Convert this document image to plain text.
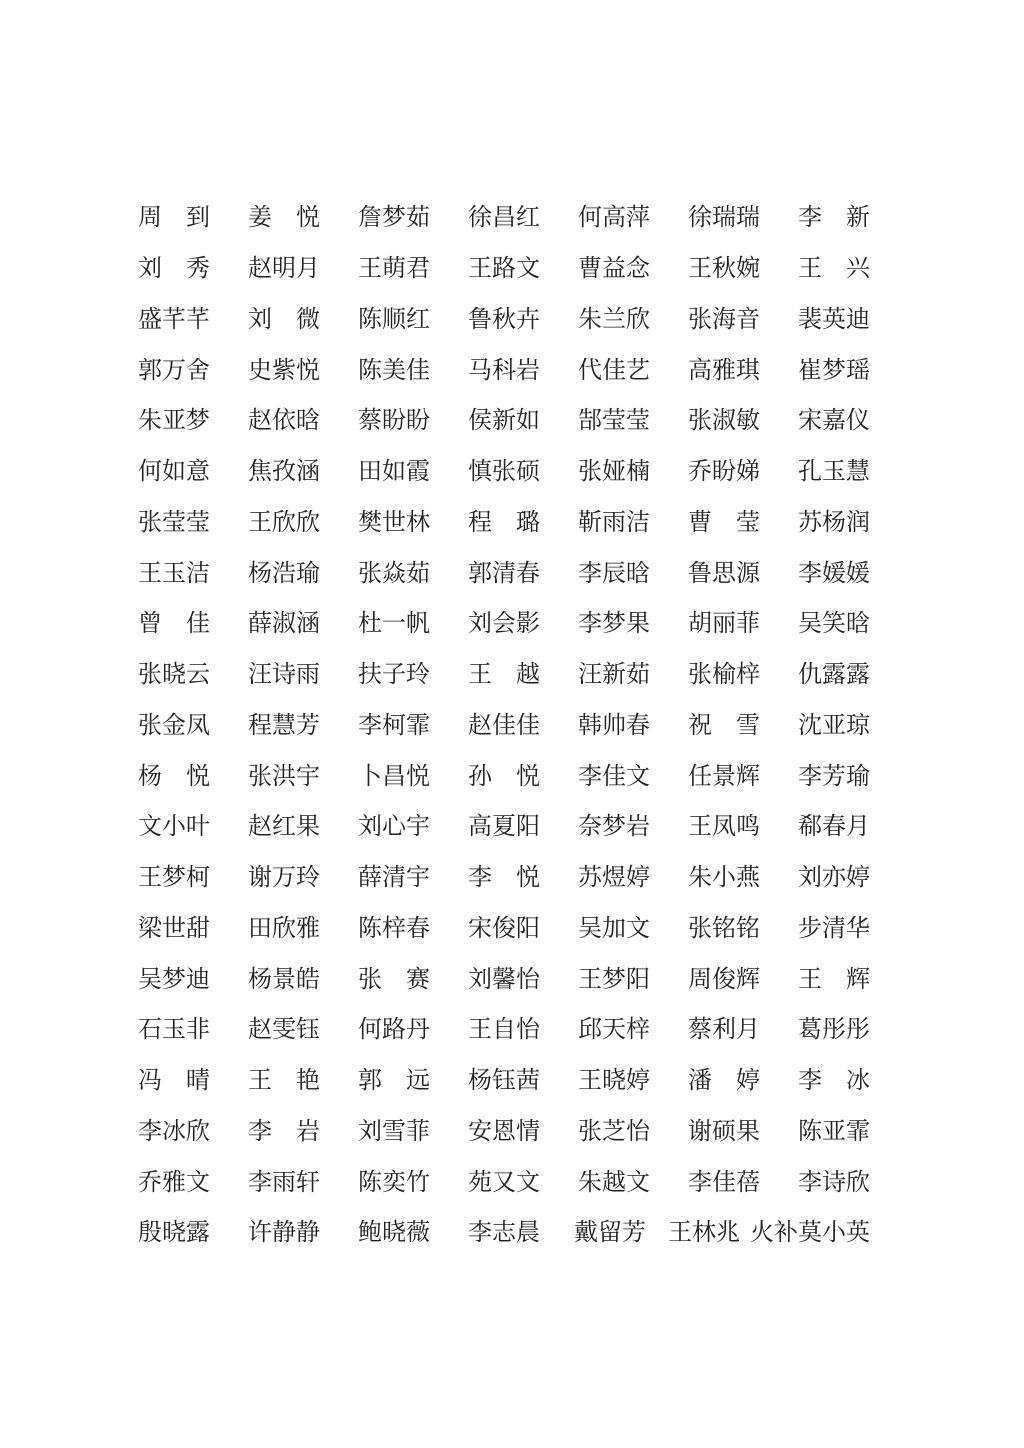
周　到	姜　悦	詹梦茹	徐昌红	何高萍	徐瑞瑞	李　新
刘　秀	赵明月	王萌君	王路文	曹益念	王秋婉	王　兴
盛芊芊	刘　微	陈顺红	鲁秋卉	朱兰欣	张海音	裴英迪
郭万舍	史紫悦	陈美佳	马科岩	代佳艺	高雅琪	崔梦瑶
朱亚梦	赵依晗	蔡盼盼	侯新如	郜莹莹	张淑敏	宋嘉仪
何如意	焦孜涵	田如霞	慎张硕	张娅楠	乔盼娣	孔玉慧
张莹莹	王欣欣	樊世林	程　璐	靳雨洁	曹　莹	苏杨润
王玉洁	杨浩瑜	张焱茹	郭清春	李辰晗	鲁思源	李媛媛
曾　佳	薛淑涵	杜一帆	刘会影	李梦果	胡丽菲	吴笑晗
张晓云	汪诗雨	扶子玲	王　越	汪新茹	张榆梓	仇露露
张金凤	程慧芳	李柯霏	赵佳佳	韩帅春	祝　雪	沈亚琼
杨　悦	张洪宇	卜昌悦	孙　悦	李佳文	任景辉	李芳瑜
文小叶	赵红果	刘心宇	高夏阳	奈梦岩	王凤鸣	郗春月
王梦柯	谢万玲	薛清宇	李　悦	苏煜婷	朱小燕	刘亦婷
梁世甜	田欣雅	陈梓春	宋俊阳	吴加文	张铭铭	步清华
吴梦迪	杨景皓	张　赛	刘馨怡	王梦阳	周俊辉	王　辉
石玉非	赵雯钰	何路丹	王自怡	邱天梓	蔡利月	葛彤彤
冯　晴	王　艳	郭　远	杨钰茜	王晓婷	潘　婷	李　冰
李冰欣	李　岩	刘雪菲	安恩情	张芝怡	谢硕果	陈亚霏
乔雅文	李雨轩	陈奕竹	苑又文	朱越文	李佳蓓	李诗欣
殷晓露	许静静	鲍晓薇	李志晨	戴留芳 王林兆 火补莫小英
